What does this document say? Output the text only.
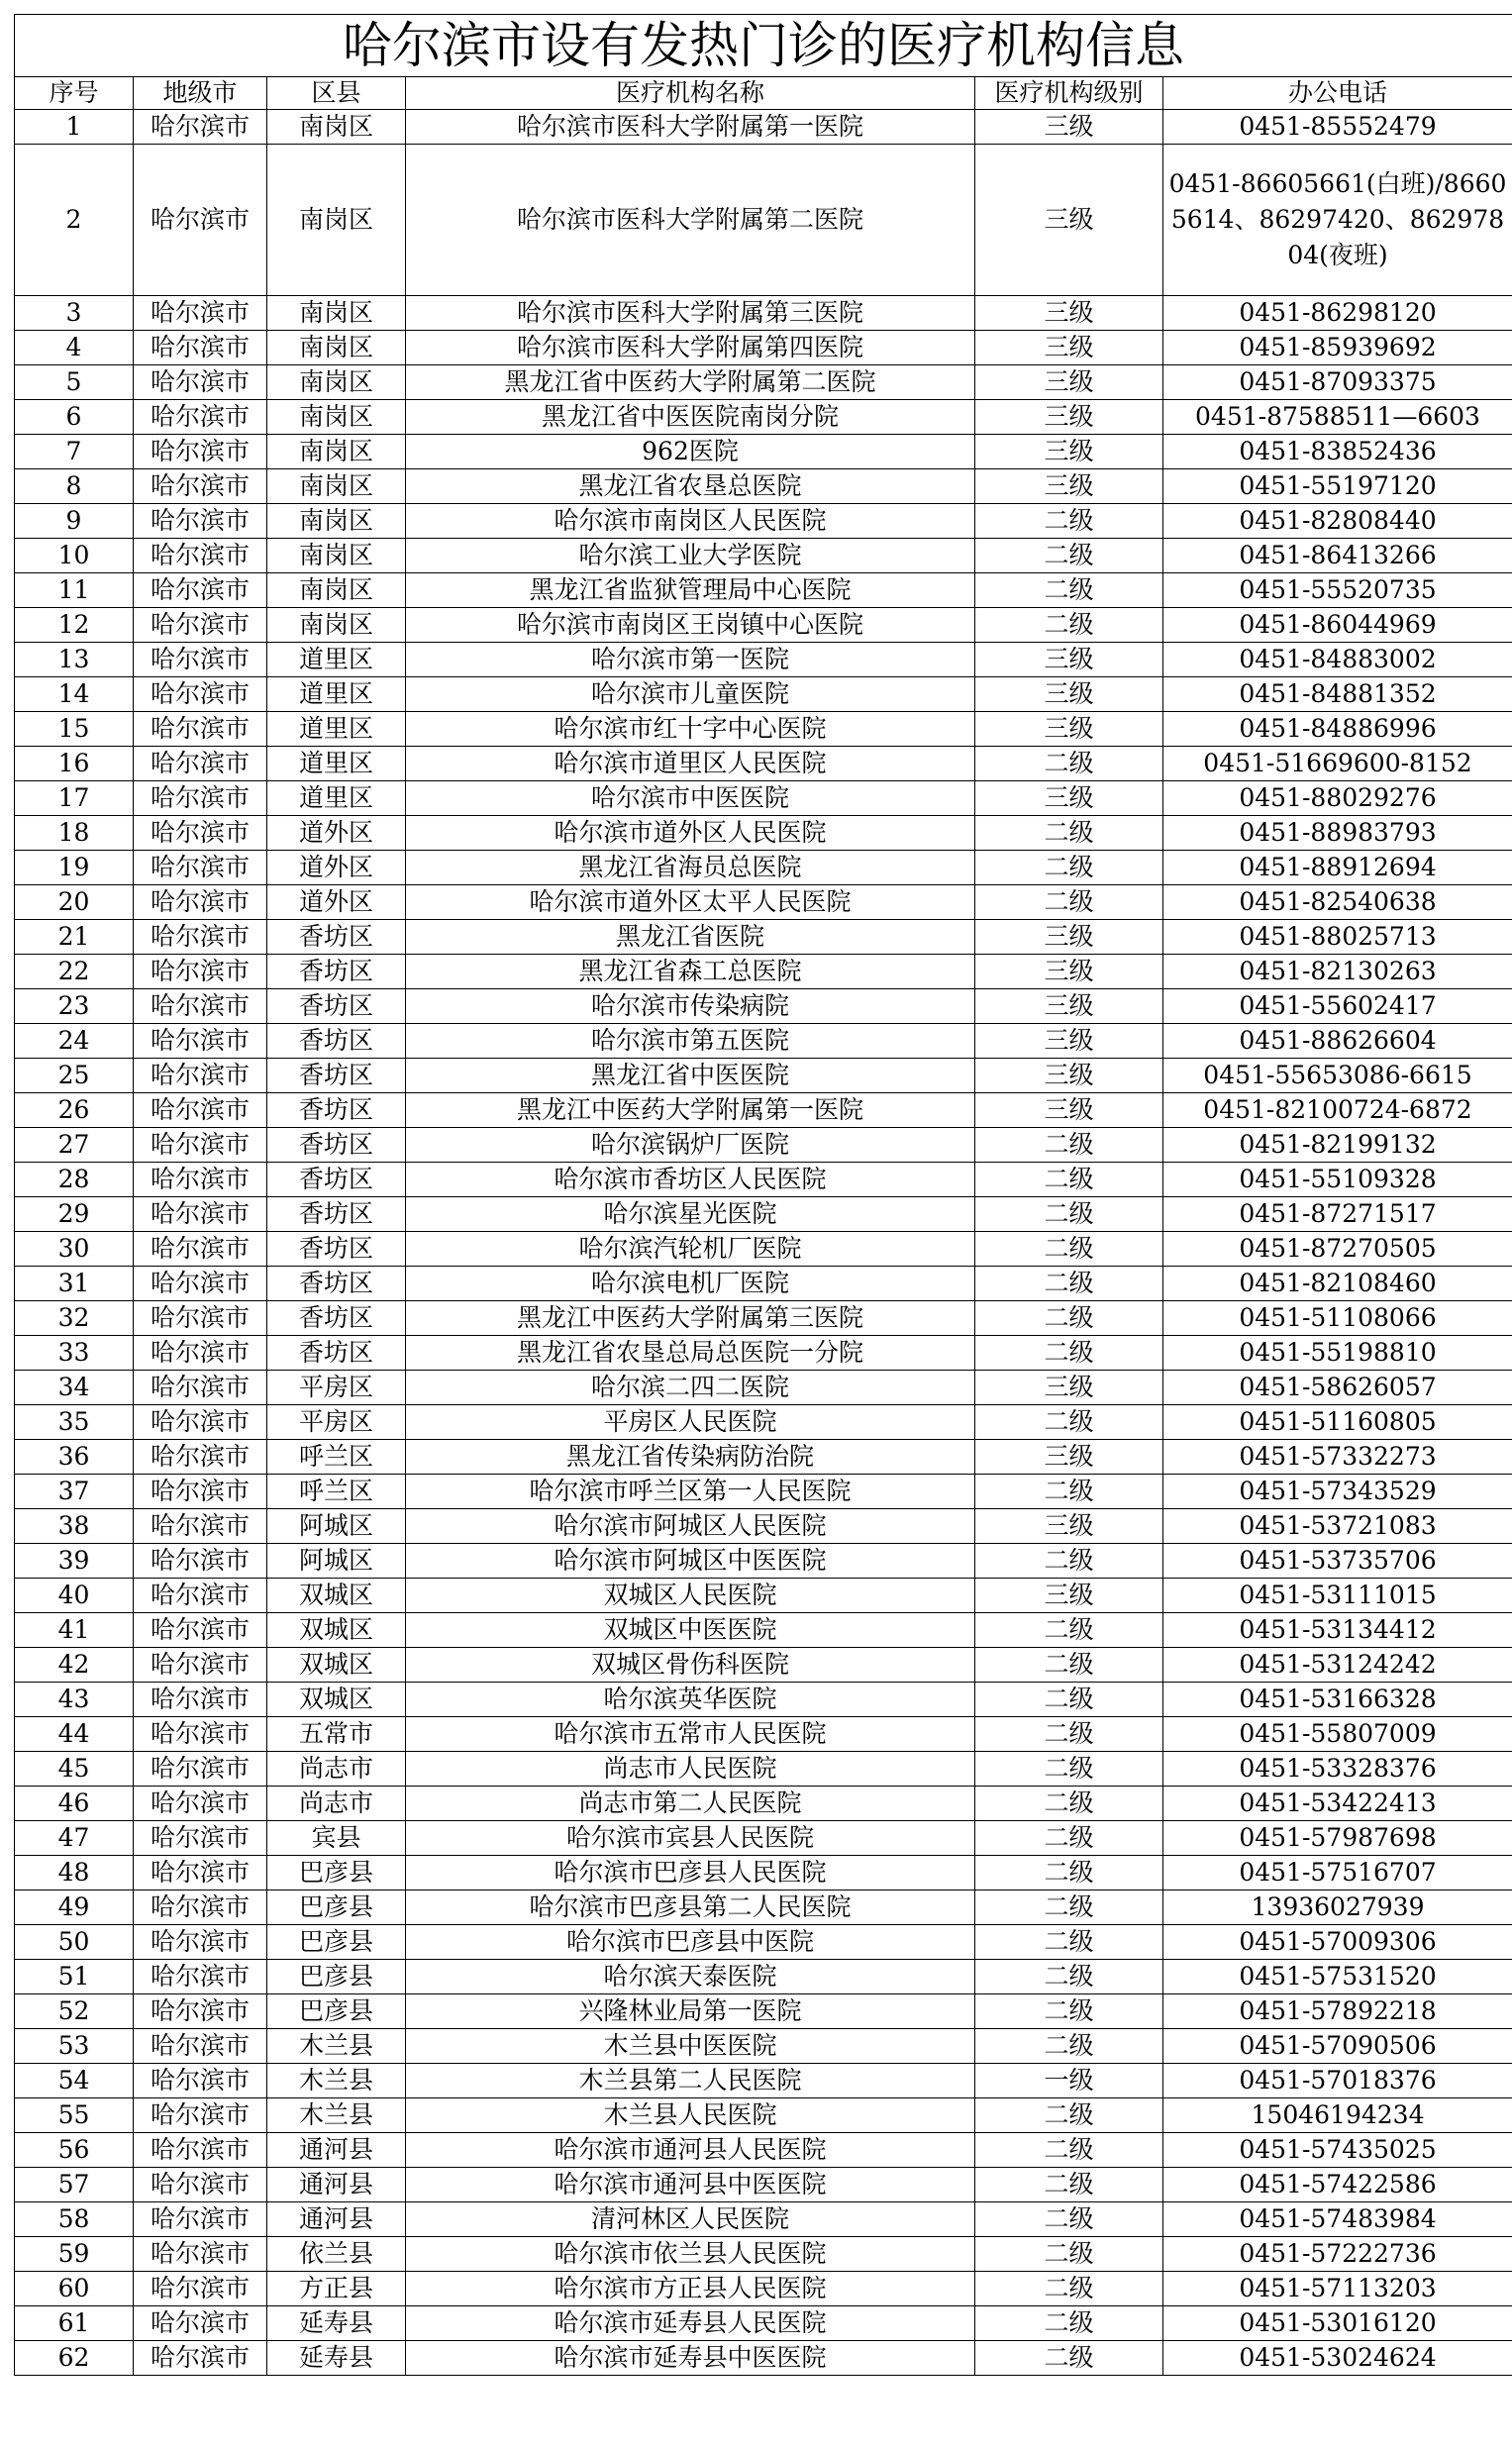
哈尔滨市设有发热门诊的医疗机构信息					
序号	地级市	区县	医疗机构名称	医疗机构级别	办公电话
1	哈尔滨市	南岗区	哈尔滨市医科大学附属第一医院	三级	0451-85552479
2	哈尔滨市	南岗区	哈尔滨市医科大学附属第二医院	三级	0451-86605661(白班)/86605614、86297420、86297804(夜班)
3	哈尔滨市	南岗区	哈尔滨市医科大学附属第三医院	三级	0451-86298120
4	哈尔滨市	南岗区	哈尔滨市医科大学附属第四医院	三级	0451-85939692
5	哈尔滨市	南岗区	黑龙江省中医药大学附属第二医院	三级	0451-87093375
6	哈尔滨市	南岗区	黑龙江省中医医院南岗分院	三级	0451-87588511—6603
7	哈尔滨市	南岗区	962医院	三级	0451-83852436
8	哈尔滨市	南岗区	黑龙江省农垦总医院	三级	0451-55197120
9	哈尔滨市	南岗区	哈尔滨市南岗区人民医院	二级	0451-82808440
10	哈尔滨市	南岗区	哈尔滨工业大学医院	二级	0451-86413266
11	哈尔滨市	南岗区	黑龙江省监狱管理局中心医院	二级	0451-55520735
12	哈尔滨市	南岗区	哈尔滨市南岗区王岗镇中心医院	二级	0451-86044969
13	哈尔滨市	道里区	哈尔滨市第一医院	三级	0451-84883002
14	哈尔滨市	道里区	哈尔滨市儿童医院	三级	0451-84881352
15	哈尔滨市	道里区	哈尔滨市红十字中心医院	三级	0451-84886996
16	哈尔滨市	道里区	哈尔滨市道里区人民医院	二级	0451-51669600-8152
17	哈尔滨市	道里区	哈尔滨市中医医院	三级	0451-88029276
18	哈尔滨市	道外区	哈尔滨市道外区人民医院	二级	0451-88983793
19	哈尔滨市	道外区	黑龙江省海员总医院	二级	0451-88912694
20	哈尔滨市	道外区	哈尔滨市道外区太平人民医院	二级	0451-82540638
21	哈尔滨市	香坊区	黑龙江省医院	三级	0451-88025713
22	哈尔滨市	香坊区	黑龙江省森工总医院	三级	0451-82130263
23	哈尔滨市	香坊区	哈尔滨市传染病院	三级	0451-55602417
24	哈尔滨市	香坊区	哈尔滨市第五医院	三级	0451-88626604
25	哈尔滨市	香坊区	黑龙江省中医医院	三级	0451-55653086-6615
26	哈尔滨市	香坊区	黑龙江中医药大学附属第一医院	三级	0451-82100724-6872
27	哈尔滨市	香坊区	哈尔滨锅炉厂医院	二级	0451-82199132
28	哈尔滨市	香坊区	哈尔滨市香坊区人民医院	二级	0451-55109328
29	哈尔滨市	香坊区	哈尔滨星光医院	二级	0451-87271517
30	哈尔滨市	香坊区	哈尔滨汽轮机厂医院	二级	0451-87270505
31	哈尔滨市	香坊区	哈尔滨电机厂医院	二级	0451-82108460
32	哈尔滨市	香坊区	黑龙江中医药大学附属第三医院	二级	0451-51108066
33	哈尔滨市	香坊区	黑龙江省农垦总局总医院一分院	二级	0451-55198810
34	哈尔滨市	平房区	哈尔滨二四二医院	三级	0451-58626057
35	哈尔滨市	平房区	平房区人民医院	二级	0451-51160805
36	哈尔滨市	呼兰区	黑龙江省传染病防治院	三级	0451-57332273
37	哈尔滨市	呼兰区	哈尔滨市呼兰区第一人民医院	二级	0451-57343529
38	哈尔滨市	阿城区	哈尔滨市阿城区人民医院	三级	0451-53721083
39	哈尔滨市	阿城区	哈尔滨市阿城区中医医院	二级	0451-53735706
40	哈尔滨市	双城区	双城区人民医院	三级	0451-53111015
41	哈尔滨市	双城区	双城区中医医院	二级	0451-53134412
42	哈尔滨市	双城区	双城区骨伤科医院	二级	0451-53124242
43	哈尔滨市	双城区	哈尔滨英华医院	二级	0451-53166328
44	哈尔滨市	五常市	哈尔滨市五常市人民医院	二级	0451-55807009
45	哈尔滨市	尚志市	尚志市人民医院	二级	0451-53328376
46	哈尔滨市	尚志市	尚志市第二人民医院	二级	0451-53422413
47	哈尔滨市	宾县	哈尔滨市宾县人民医院	二级	0451-57987698
48	哈尔滨市	巴彦县	哈尔滨市巴彦县人民医院	二级	0451-57516707
49	哈尔滨市	巴彦县	哈尔滨市巴彦县第二人民医院	二级	13936027939
50	哈尔滨市	巴彦县	哈尔滨市巴彦县中医院	二级	0451-57009306
51	哈尔滨市	巴彦县	哈尔滨天泰医院	二级	0451-57531520
52	哈尔滨市	巴彦县	兴隆林业局第一医院	二级	0451-57892218
53	哈尔滨市	木兰县	木兰县中医医院	二级	0451-57090506
54	哈尔滨市	木兰县	木兰县第二人民医院	一级	0451-57018376
55	哈尔滨市	木兰县	木兰县人民医院	二级	15046194234
56	哈尔滨市	通河县	哈尔滨市通河县人民医院	二级	0451-57435025
57	哈尔滨市	通河县	哈尔滨市通河县中医医院	二级	0451-57422586
58	哈尔滨市	通河县	清河林区人民医院	二级	0451-57483984
59	哈尔滨市	依兰县	哈尔滨市依兰县人民医院	二级	0451-57222736
60	哈尔滨市	方正县	哈尔滨市方正县人民医院	二级	0451-57113203
61	哈尔滨市	延寿县	哈尔滨市延寿县人民医院	二级	0451-53016120
62	哈尔滨市	延寿县	哈尔滨市延寿县中医医院	二级	0451-53024624
